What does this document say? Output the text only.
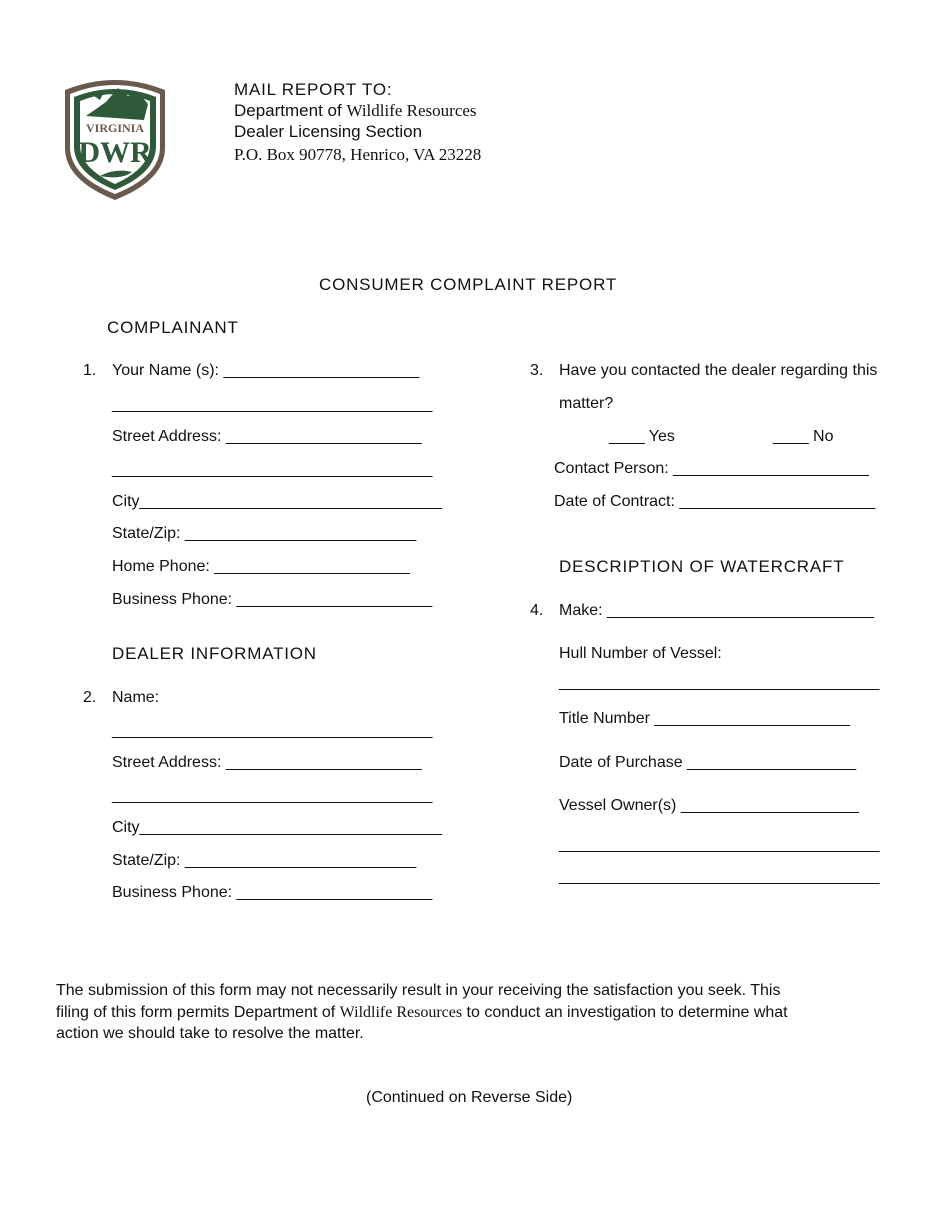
VIRGINIA
DWR
MAIL REPORT TO:
Department of Wildlife Resources
Dealer Licensing Section
P.O. Box 90778, Henrico, VA 23228
CONSUMER COMPLAINT REPORT
COMPLAINANT
1. Your Name (s): ______________________
____________________________________
Street Address: ______________________
____________________________________
City__________________________________
State/Zip: __________________________
Home Phone: ______________________
Business Phone: ______________________
DEALER INFORMATION
2. Name:
____________________________________
Street Address: ______________________
____________________________________
City__________________________________
State/Zip: __________________________
Business Phone: ______________________
3. Have you contacted the dealer regarding this
matter?
____ Yes	____ No
Contact Person: ______________________
Date of Contract: ______________________
DESCRIPTION OF WATERCRAFT
4. Make: ______________________________
Hull Number of Vessel:
____________________________________
Title Number ______________________
Date of Purchase ___________________
Vessel Owner(s) ____________________
____________________________________
____________________________________
The submission of this form may not necessarily result in your receiving the satisfaction you seek. This
filing of this form permits Department of Wildlife Resources to conduct an investigation to determine what
action we should take to resolve the matter.
(Continued on Reverse Side)
